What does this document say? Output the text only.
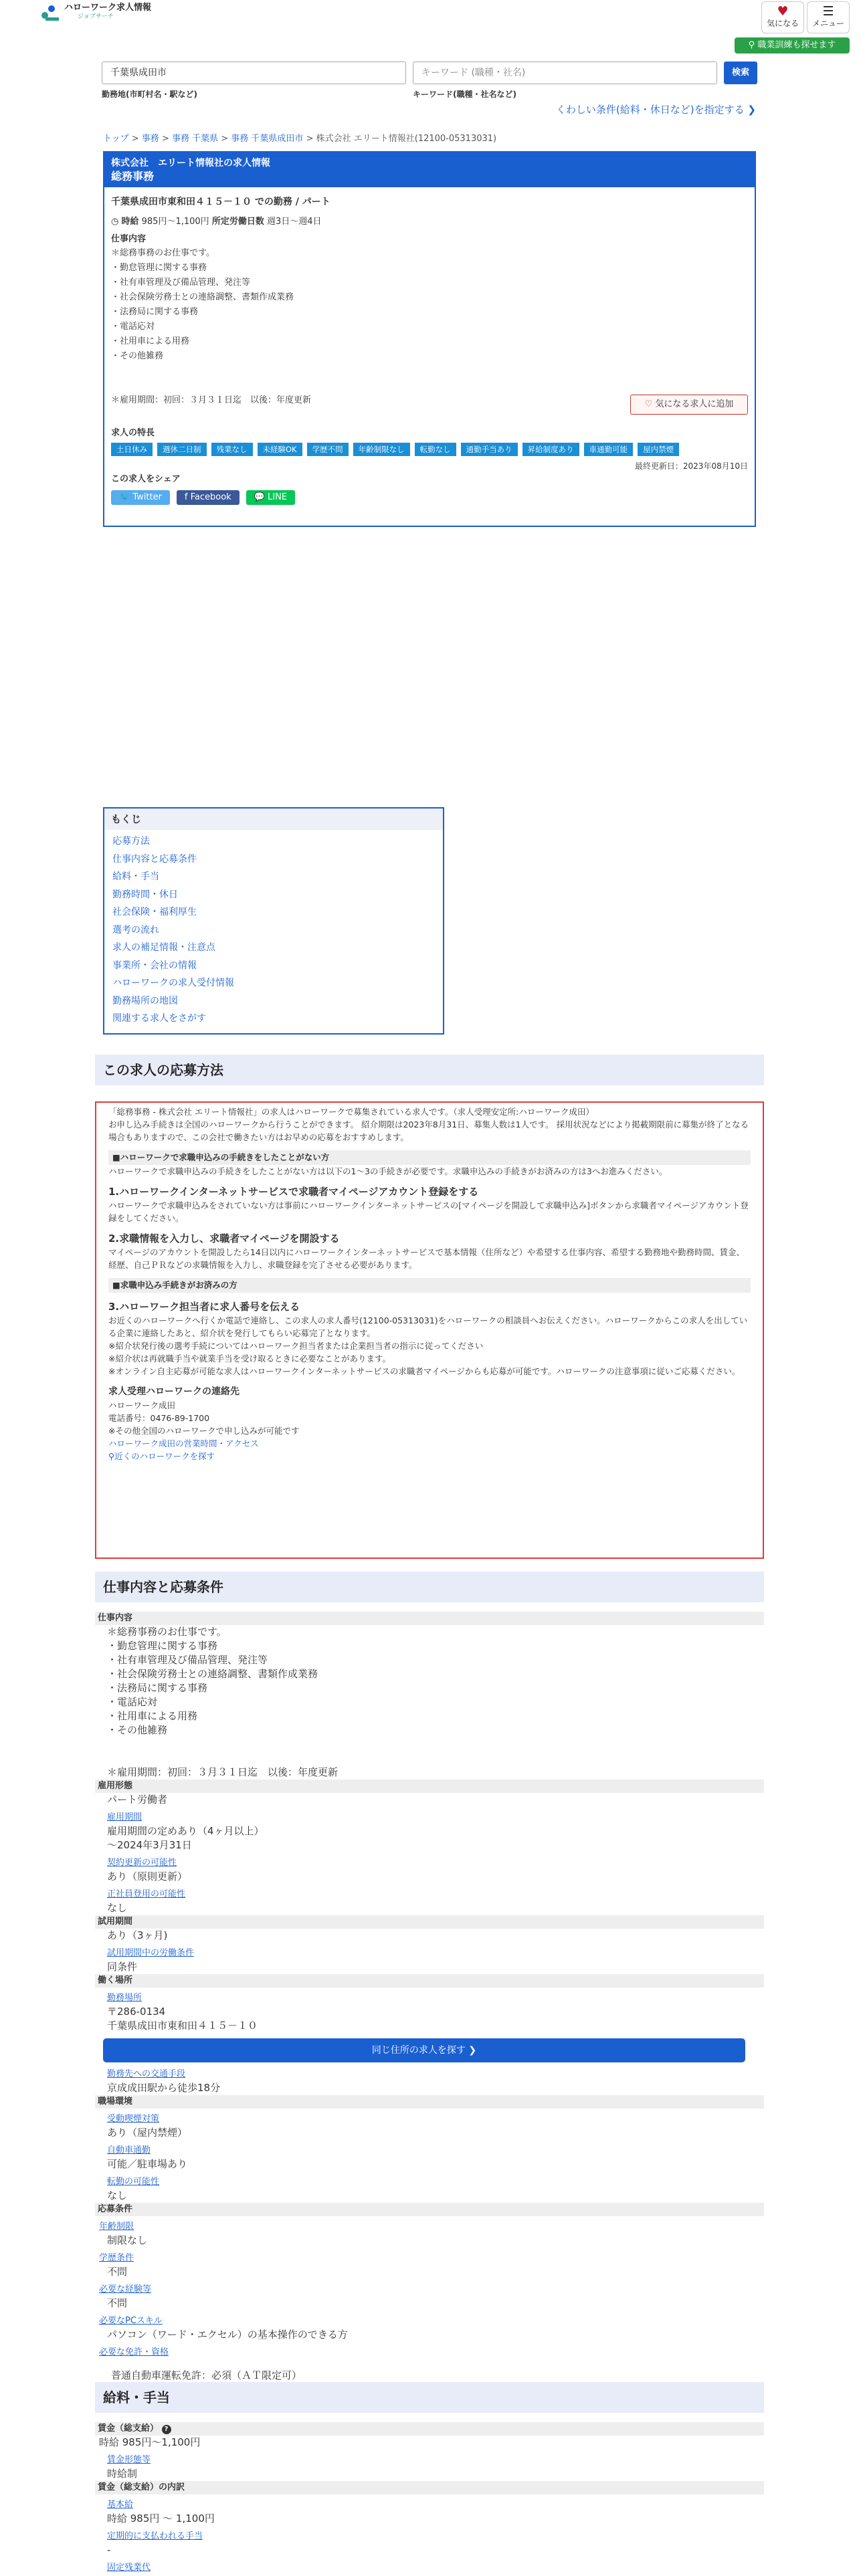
ハローワーク求人情報
ジョブサーチ	♥
気になる
☰
メニュー
⚲ 職業訓練も探せます
千葉県成田市
勤務地(市町村名・駅など)
キーワード (職種・社名)
キーワード(職種・社名など)
検索
くわしい条件(給料・休日など)を指定する ❯
トップ > 事務 > 事務 千葉県 > 事務 千葉県成田市 > 株式会社 エリート情報社(12100-05313031)
株式会社　エリート情報社の求人情報
総務事務
千葉県成田市東和田４１５－１０ での勤務 / パート
◷ 時給 985円〜1,100円 所定労働日数 週3日〜週4日
仕事内容
＊総務事務のお仕事です。
・勤怠管理に関する事務
・社有車管理及び備品管理、発注等
・社会保険労務士との連絡調整、書類作成業務
・法務局に関する事務
・電話応対
・社用車による用務
・その他雑務

＊雇用期間：初回：３月３１日迄　以後：年度更新
求人の特長
土日休み	週休二日制	残業なし	未経験OK	学歴不問	年齢制限なし	転勤なし	通勤手当あり	昇給制度あり	車通勤可能	屋内禁煙
最終更新日：2023年08月10日
この求人をシェア
🐦 Twitter	f Facebook	💬 LINE
♡ 気になる求人に追加
もくじ
応募方法
仕事内容と応募条件
給料・手当
勤務時間・休日
社会保険・福利厚生
選考の流れ
求人の補足情報・注意点
事業所・会社の情報
ハローワークの求人受付情報
勤務場所の地図
関連する求人をさがす
この求人の応募方法
「総務事務 - 株式会社 エリート情報社」の求人はハローワークで募集されている求人です。（求人受理安定所:ハローワーク成田）
お申し込み手続きは全国のハローワークから行うことができます。 紹介期限は2023年8月31日、募集人数は1人です。 採用状況などにより掲載期限前に募集が終了となる場合もありますので、この会社で働きたい方はお早めの応募をおすすめします。
■ハローワークで求職申込みの手続きをしたことがない方
ハローワークで求職申込みの手続きをしたことがない方は以下の1〜3の手続きが必要です。求職申込みの手続きがお済みの方は3へお進みください。
1.ハローワークインターネットサービスで求職者マイページアカウント登録をする
ハローワークで求職申込みをされていない方は事前にハローワークインターネットサービスの[マイページを開設して求職申込み]ボタンから求職者マイページアカウント登録をしてください。
2.求職情報を入力し、求職者マイページを開設する
マイページのアカウントを開設したら14日以内にハローワークインターネットサービスで基本情報（住所など）や希望する仕事内容、希望する勤務地や勤務時間、賃金、経歴、自己ＰＲなどの求職情報を入力し、求職登録を完了させる必要があります。
■求職申込み手続きがお済みの方
3.ハローワーク担当者に求人番号を伝える
お近くのハローワークへ行くか電話で連絡し、この求人の求人番号(12100-05313031)をハローワークの相談員へお伝えください。ハローワークからこの求人を出している企業に連絡したあと、紹介状を発行してもらい応募完了となります。
※紹介状発行後の選考手続についてはハローワーク担当者または企業担当者の指示に従ってください
※紹介状は再就職手当や就業手当を受け取るときに必要なことがあります。
※オンライン自主応募が可能な求人はハローワークインターネットサービスの求職者マイページからも応募が可能です。ハローワークの注意事項に従いご応募ください。
求人受理ハローワークの連絡先
ハローワーク成田
電話番号：0476-89-1700
※その他全国のハローワークで申し込みが可能です
ハローワーク成田の営業時間・アクセス
⚲近くのハローワークを探す
仕事内容と応募条件
仕事内容
＊総務事務のお仕事です。
・勤怠管理に関する事務
・社有車管理及び備品管理、発注等
・社会保険労務士との連絡調整、書類作成業務
・法務局に関する事務
・電話応対
・社用車による用務
・その他雑務

＊雇用期間：初回：３月３１日迄　以後：年度更新
雇用形態
パート労働者
雇用期間
雇用期間の定めあり（4ヶ月以上）
〜2024年3月31日
契約更新の可能性
あり（原則更新）
正社員登用の可能性
なし
試用期間
あり（3ヶ月)
試用期間中の労働条件
同条件
働く場所
勤務場所
〒286-0134
千葉県成田市東和田４１５－１０
同じ住所の求人を探す ❯
勤務先への交通手段
京成成田駅から徒歩18分
職場環境
受動喫煙対策
あり（屋内禁煙）
自動車通勤
可能／駐車場あり
転勤の可能性
なし
応募条件
年齢制限
制限なし
学歴条件
不問
必要な経験等
不問
必要なPCスキル
パソコン（ワード・エクセル）の基本操作のできる方
必要な免許・資格
普通自動車運転免許：必須（ＡＴ限定可）
給料・手当
賃金（総支給） ?
時給 985円〜1,100円
賃金形態等
時給制
賃金（総支給）の内訳
基本給
時給 985円 〜 1,100円
定期的に支払われる手当
-
固定残業代
